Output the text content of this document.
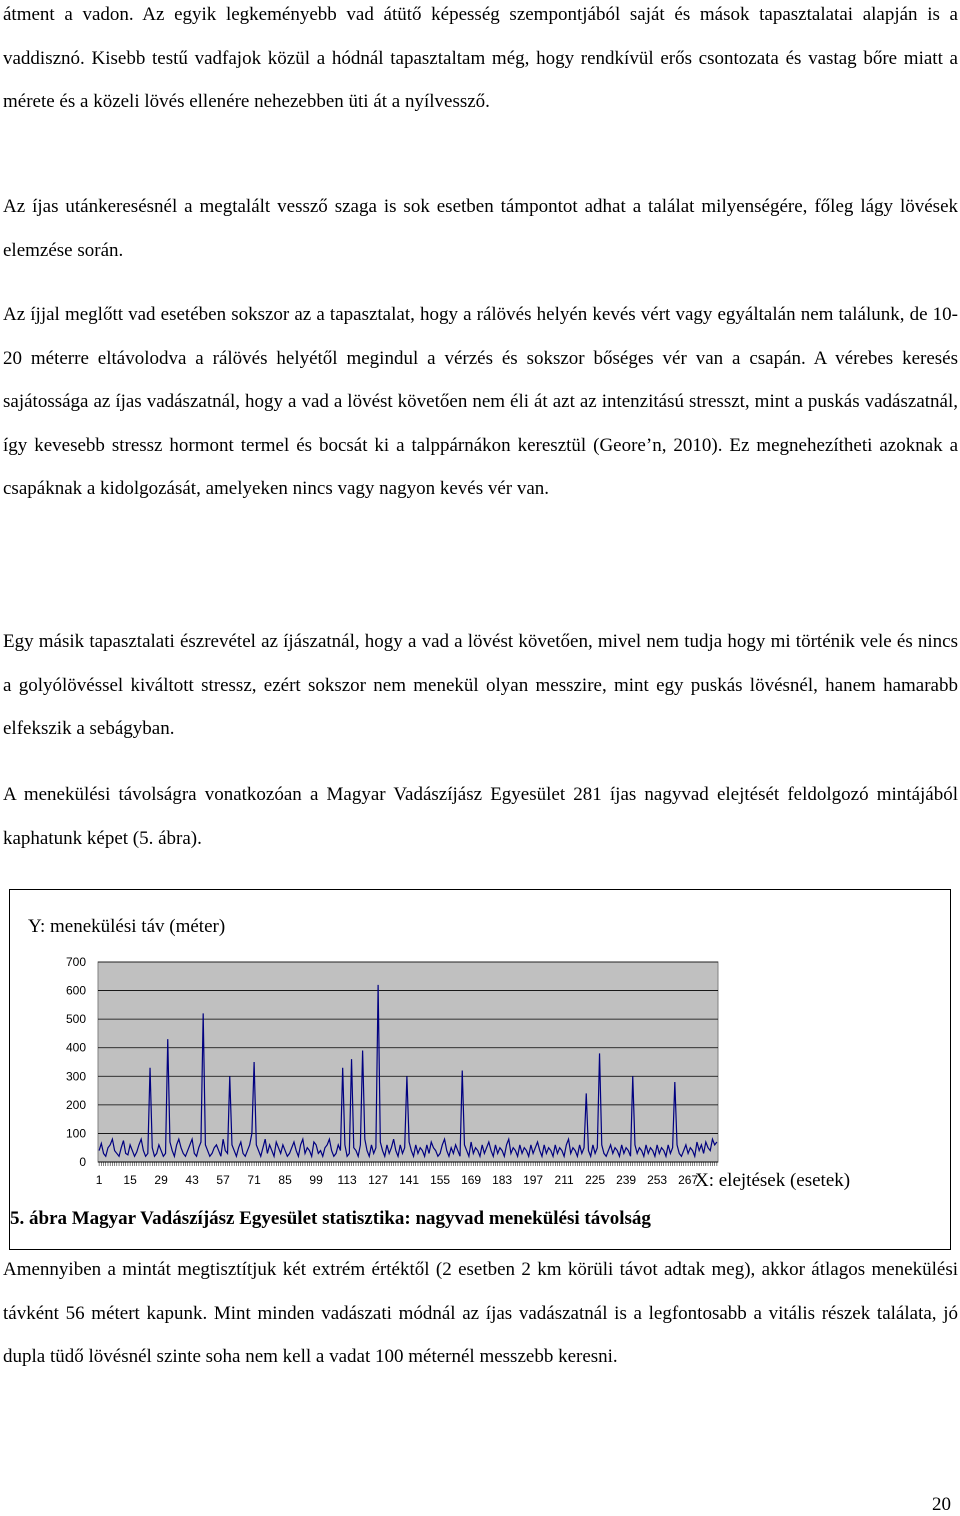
átment a vadon. Az egyik legkeményebb vad átütő képesség szempontjából saját és mások tapasztalatai alapján is a vaddisznó. Kisebb testű vadfajok közül a hódnál tapasztaltam még, hogy rendkívül erős csontozata és vastag bőre miatt a mérete és a közeli lövés ellenére nehezebben üti át a nyílvessző.

Az íjas utánkeresésnél a megtalált vessző szaga is sok esetben támpontot adhat a találat milyenségére, főleg lágy lövések elemzése során.

Az íjjal meglőtt vad esetében sokszor az a tapasztalat, hogy a rálövés helyén kevés vért vagy egyáltalán nem találunk, de 10-20 méterre eltávolodva a rálövés helyétől megindul a vérzés és sokszor bőséges vér van a csapán. A vérebes keresés sajátossága az íjas vadászatnál, hogy a vad a lövést követően nem éli át azt az intenzitású stresszt, mint a puskás vadászatnál, így kevesebb stressz hormont termel és bocsát ki a talppárnákon keresztül (Geore’n, 2010). Ez megnehezítheti azoknak a csapáknak a kidolgozását, amelyeken nincs vagy nagyon kevés vér van.

Egy másik tapasztalati észrevétel az íjászatnál, hogy a vad a lövést követően, mivel nem tudja hogy mi történik vele és nincs a golyólövéssel kiváltott stressz, ezért sokszor nem menekül olyan messzire, mint egy puskás lövésnél, hanem hamarabb elfekszik a sebágyban.

A menekülési távolságra vonatkozóan a Magyar Vadászíjász Egyesület 281 íjas nagyvad elejtését feldolgozó mintájából kaphatunk képet (5. ábra).

700
600
500
400
300
200
100
0
1 15 29 43 57 71 85 99 113 127 141 155 169 183 197 211 225 239 253 267
Y: menekülési táv (méter)
X: elejtések (esetek)
5. ábra Magyar Vadászíjász Egyesület statisztika: nagyvad menekülési távolság

Amennyiben a mintát megtisztítjuk két extrém értéktől (2 esetben 2 km körüli távot adtak meg), akkor átlagos menekülési távként 56 métert kapunk. Mint minden vadászati módnál az íjas vadászatnál is a legfontosabb a vitális részek találata, jó dupla tüdő lövésnél szinte soha nem kell a vadat 100 méternél messzebb keresni.

20
